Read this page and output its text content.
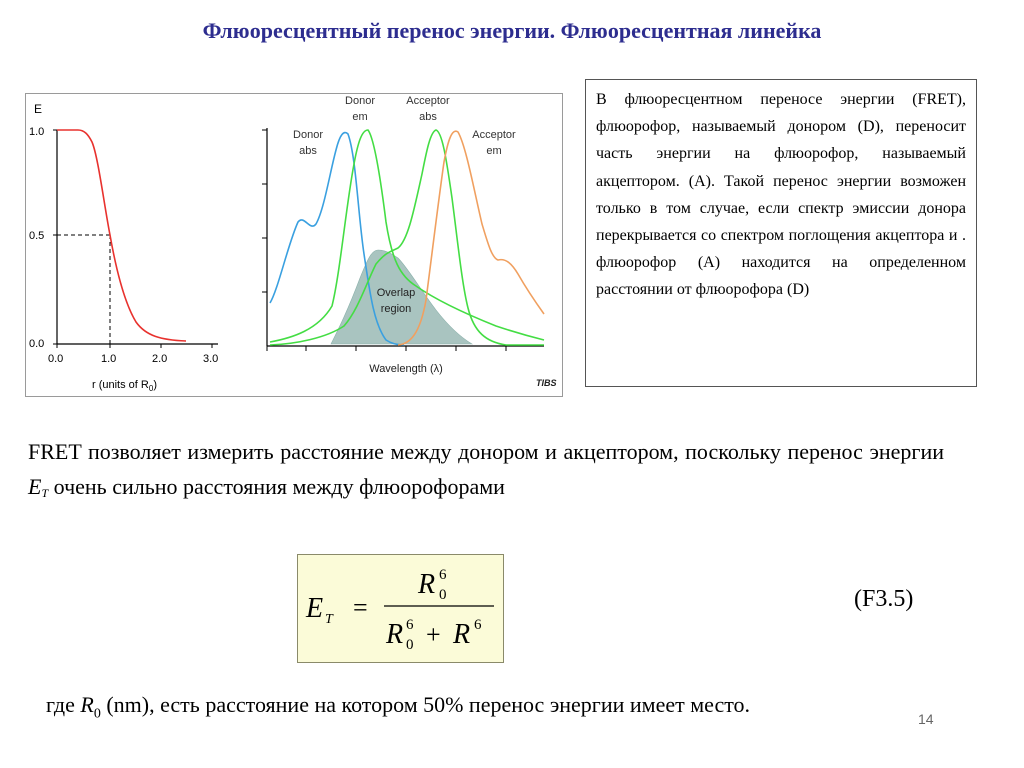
Флюоресцентный перенос энергии. Флюоресцентная линейка
E
1.0
0.5
0.0
0.0	1.0	2.0	3.0
r (units of $R_0$)
Donor
abs
Donor
em
Acceptor
abs
Acceptor
em
Overlap
region
Wavelength (λ)
TIBS

В флюоресцентном переносе энергии (FRET), флюорофор, называемый донором (D), переносит часть энергии на флюорофор, называемый акцептором. (A). Такой перенос энергии возможен только в том случае, если спектр эмиссии донора перекрывается со спектром поглощения акцептора и . флюорофор (А) находится на определенном расстоянии от флюорофора (D)

FRET позволяет измерить расстояние между донором и акцептором, поскольку перенос энергии $E_T$ очень сильно расстояния между флюорофорами
E T =
R 6
0
R 6
0 + R 6
(F3.5)
где $R_0$ (nm), есть расстояние на котором 50% перенос энергии имеет место.
14
